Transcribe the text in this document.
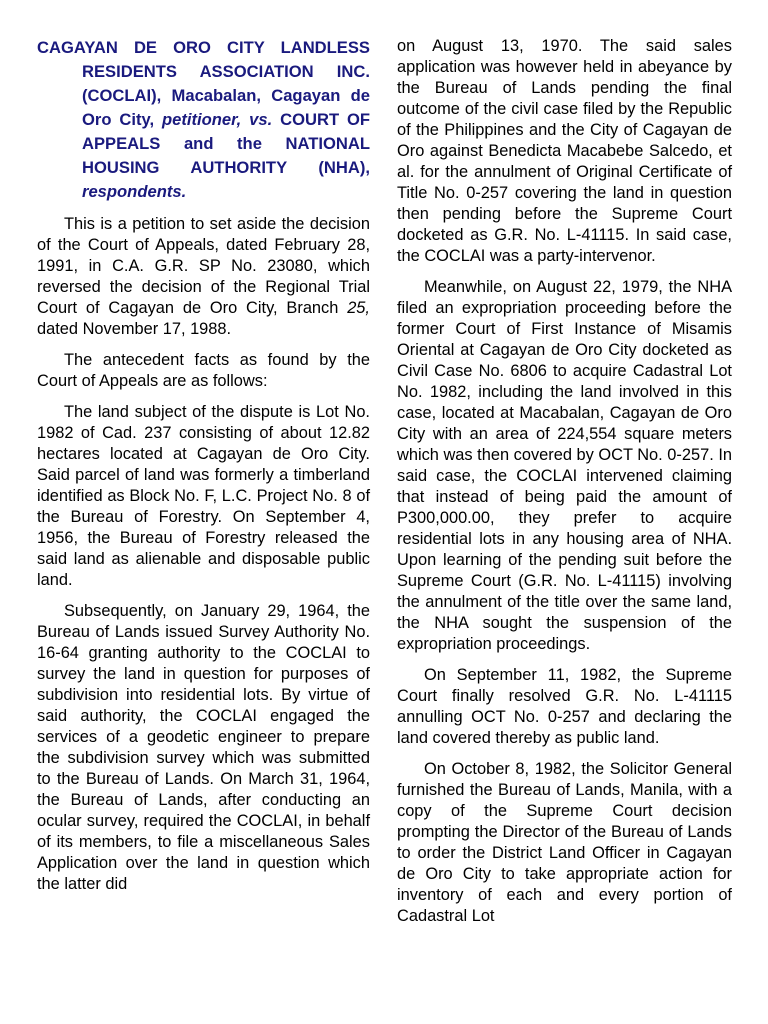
CAGAYAN DE ORO CITY LANDLESS RESIDENTS ASSOCIATION INC. (COCLAI), Macabalan, Cagayan de Oro City, petitioner, vs. COURT OF APPEALS and the NATIONAL HOUSING AUTHORITY (NHA), respondents.

This is a petition to set aside the decision of the Court of Appeals, dated February 28, 1991, in C.A. G.R. SP No. 23080, which reversed the decision of the Regional Trial Court of Cagayan de Oro City, Branch 25, dated November 17, 1988.

The antecedent facts as found by the Court of Appeals are as follows:

The land subject of the dispute is Lot No. 1982 of Cad. 237 consisting of about 12.82 hectares located at Cagayan de Oro City. Said parcel of land was formerly a timberland identified as Block No. F, L.C. Project No. 8 of the Bureau of Forestry. On September 4, 1956, the Bureau of Forestry released the said land as alienable and disposable public land.

Subsequently, on January 29, 1964, the Bureau of Lands issued Survey Authority No. 16-64 granting authority to the COCLAI to survey the land in question for purposes of subdivision into residential lots. By virtue of said authority, the COCLAI engaged the services of a geodetic engineer to prepare the subdivision survey which was submitted to the Bureau of Lands. On March 31, 1964, the Bureau of Lands, after conducting an ocular survey, required the COCLAI, in behalf of its members, to file a miscellaneous Sales Application over the land in question which the latter did

on August 13, 1970. The said sales application was however held in abeyance by the Bureau of Lands pending the final outcome of the civil case filed by the Republic of the Philippines and the City of Cagayan de Oro against Benedicta Macabebe Salcedo, et al. for the annulment of Original Certificate of Title No. 0-257 covering the land in question then pending before the Supreme Court docketed as G.R. No. L-41115. In said case, the COCLAI was a party-intervenor.

Meanwhile, on August 22, 1979, the NHA filed an expropriation proceeding before the former Court of First Instance of Misamis Oriental at Cagayan de Oro City docketed as Civil Case No. 6806 to acquire Cadastral Lot No. 1982, including the land involved in this case, located at Macabalan, Cagayan de Oro City with an area of 224,554 square meters which was then covered by OCT No. 0-257. In said case, the COCLAI intervened claiming that instead of being paid the amount of P300,000.00, they prefer to acquire residential lots in any housing area of NHA. Upon learning of the pending suit before the Supreme Court (G.R. No. L-41115) involving the annulment of the title over the same land, the NHA sought the suspension of the expropriation proceedings.

On September 11, 1982, the Supreme Court finally resolved G.R. No. L-41115 annulling OCT No. 0-257 and declaring the land covered thereby as public land.

On October 8, 1982, the Solicitor General furnished the Bureau of Lands, Manila, with a copy of the Supreme Court decision prompting the Director of the Bureau of Lands to order the District Land Officer in Cagayan de Oro City to take appropriate action for inventory of each and every portion of Cadastral Lot
